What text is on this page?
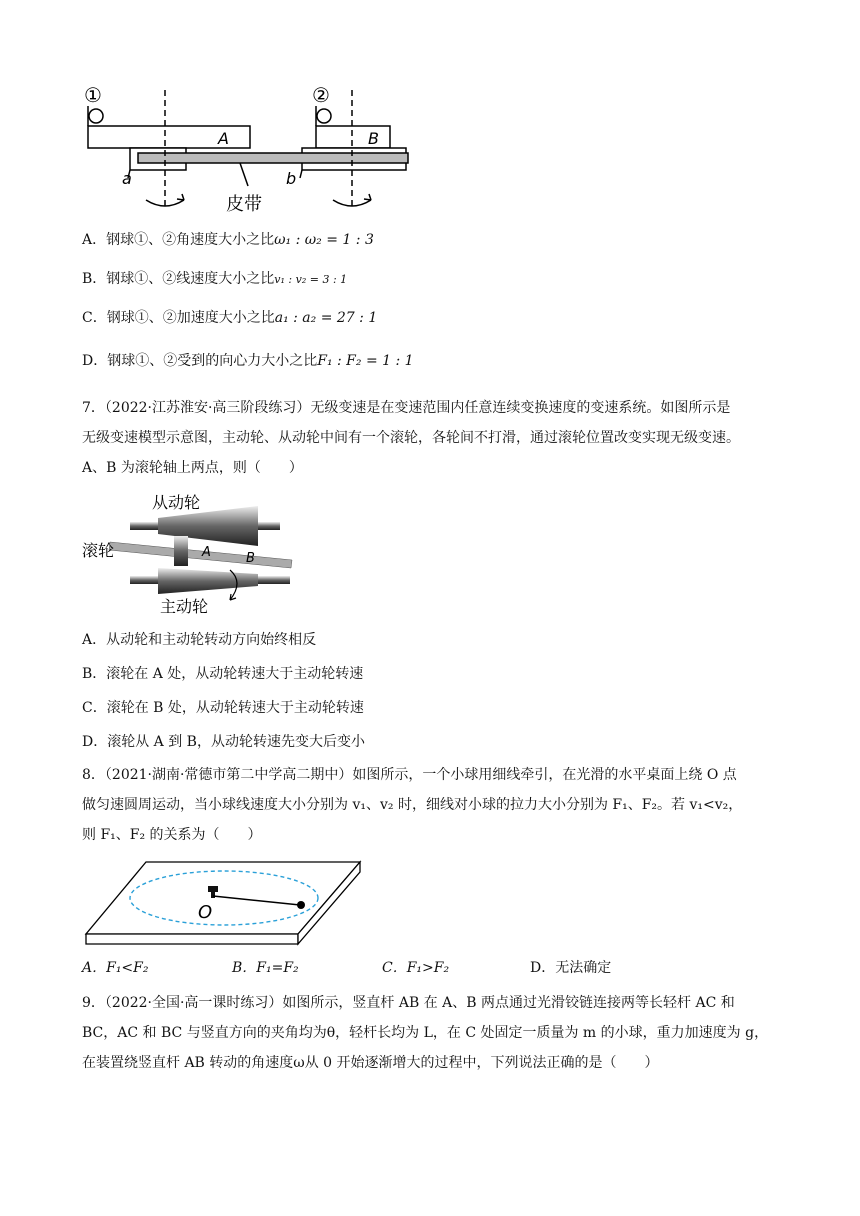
①	②
A	B
a	b
皮带
A．钢球①、②角速度大小之比ω₁ : ω₂ = 1 : 3
B．钢球①、②线速度大小之比v₁ : v₂ = 3 : 1
C．钢球①、②加速度大小之比a₁ : a₂ = 27 : 1
D．钢球①、②受到的向心力大小之比F₁ : F₂ = 1 : 1
7．（2022·江苏淮安·高三阶段练习）无级变速是在变速范围内任意连续变换速度的变速系统。如图所示是
无级变速模型示意图，主动轮、从动轮中间有一个滚轮，各轮间不打滑，通过滚轮位置改变实现无级变速。
A、B 为滚轮轴上两点，则（　　）
从动轮
滚轮
主动轮
A	B
A．从动轮和主动轮转动方向始终相反
B．滚轮在 A 处，从动轮转速大于主动轮转速
C．滚轮在 B 处，从动轮转速大于主动轮转速
D．滚轮从 A 到 B，从动轮转速先变大后变小
8．（2021·湖南·常德市第二中学高二期中）如图所示，一个小球用细线牵引，在光滑的水平桌面上绕 O 点
做匀速圆周运动，当小球线速度大小分别为 v₁、v₂ 时，细线对小球的拉力大小分别为 F₁、F₂。若 v₁<v₂，
则 F₁、F₂ 的关系为（　　）
O
A．F₁<F₂	B．F₁=F₂	C．F₁>F₂	D．无法确定
9．（2022·全国·高一课时练习）如图所示，竖直杆 AB 在 A、B 两点通过光滑铰链连接两等长轻杆 AC 和
BC，AC 和 BC 与竖直方向的夹角均为θ，轻杆长均为 L，在 C 处固定一质量为 m 的小球，重力加速度为 g，
在装置绕竖直杆 AB 转动的角速度ω从 0 开始逐渐增大的过程中，下列说法正确的是（　　）
